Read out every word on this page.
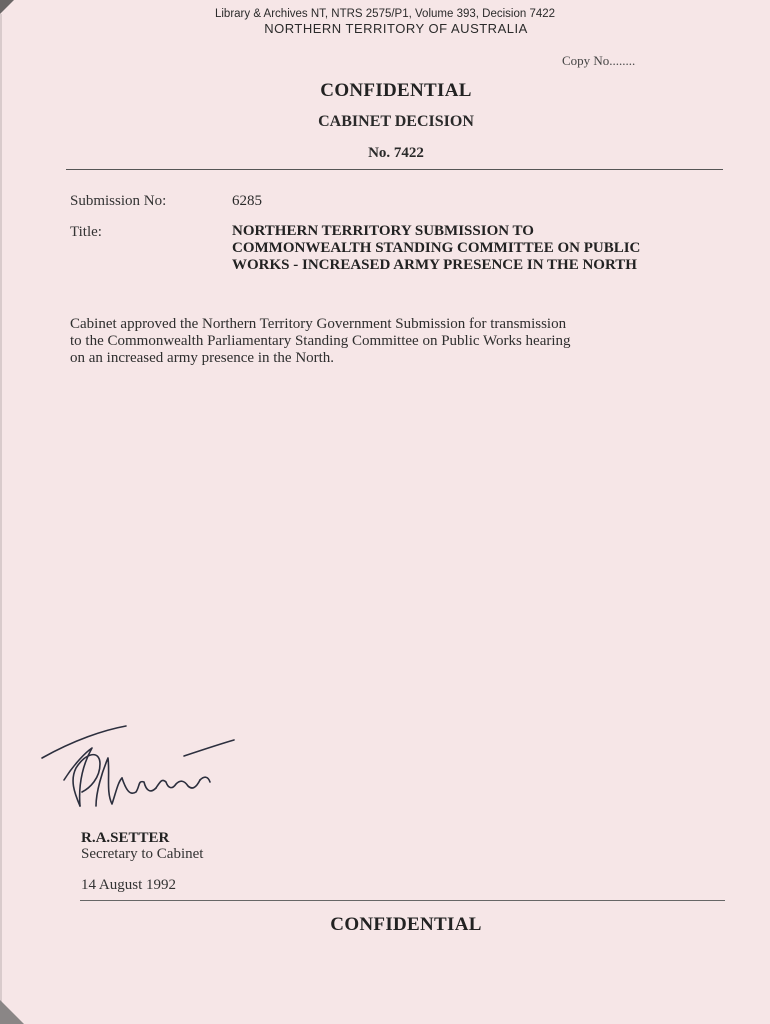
Library & Archives NT, NTRS 2575/P1, Volume 393, Decision 7422
NORTHERN TERRITORY OF AUSTRALIA
Copy No........
CONFIDENTIAL
CABINET DECISION
No. 7422
Submission No:	6285
Title:	NORTHERN TERRITORY SUBMISSION TO
COMMONWEALTH STANDING COMMITTEE ON PUBLIC
WORKS - INCREASED ARMY PRESENCE IN THE NORTH
Cabinet approved the Northern Territory Government Submission for transmission
to the Commonwealth Parliamentary Standing Committee on Public Works hearing
on an increased army presence in the North.
R.A.SETTER
Secretary to Cabinet
14 August 1992
CONFIDENTIAL
